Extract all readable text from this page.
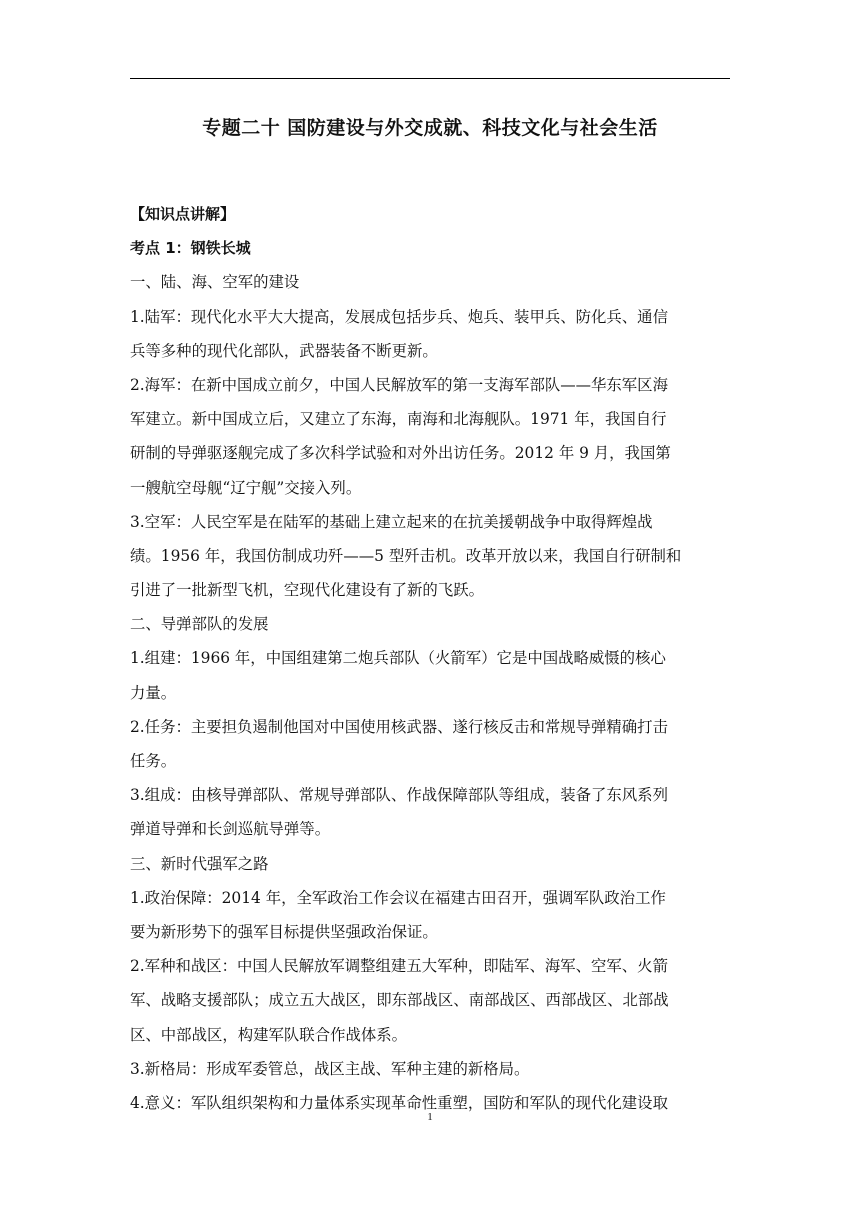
专题二十 国防建设与外交成就、科技文化与社会生活
【知识点讲解】
考点 1：钢铁长城
一、陆、海、空军的建设
1.陆军：现代化水平大大提高，发展成包括步兵、炮兵、装甲兵、防化兵、通信
兵等多种的现代化部队，武器装备不断更新。
2.海军：在新中国成立前夕，中国人民解放军的第一支海军部队——华东军区海
军建立。新中国成立后，又建立了东海，南海和北海舰队。1971 年，我国自行
研制的导弹驱逐舰完成了多次科学试验和对外出访任务。2012 年 9 月，我国第
一艘航空母舰“辽宁舰”交接入列。
3.空军：人民空军是在陆军的基础上建立起来的在抗美援朝战争中取得辉煌战
绩。1956 年，我国仿制成功歼——5 型歼击机。改革开放以来，我国自行研制和
引进了一批新型飞机，空现代化建设有了新的飞跃。
二、导弹部队的发展
1.组建：1966 年，中国组建第二炮兵部队（火箭军）它是中国战略威慑的核心
力量。
2.任务：主要担负遏制他国对中国使用核武器、遂行核反击和常规导弹精确打击
任务。
3.组成：由核导弹部队、常规导弹部队、作战保障部队等组成，装备了东风系列
弹道导弹和长剑巡航导弹等。
三、新时代强军之路
1.政治保障：2014 年，全军政治工作会议在福建古田召开，强调军队政治工作
要为新形势下的强军目标提供坚强政治保证。
2.军种和战区：中国人民解放军调整组建五大军种，即陆军、海军、空军、火箭
军、战略支援部队；成立五大战区，即东部战区、南部战区、西部战区、北部战
区、中部战区，构建军队联合作战体系。
3.新格局：形成军委管总，战区主战、军种主建的新格局。
4.意义：军队组织架构和力量体系实现革命性重塑，国防和军队的现代化建设取
1
